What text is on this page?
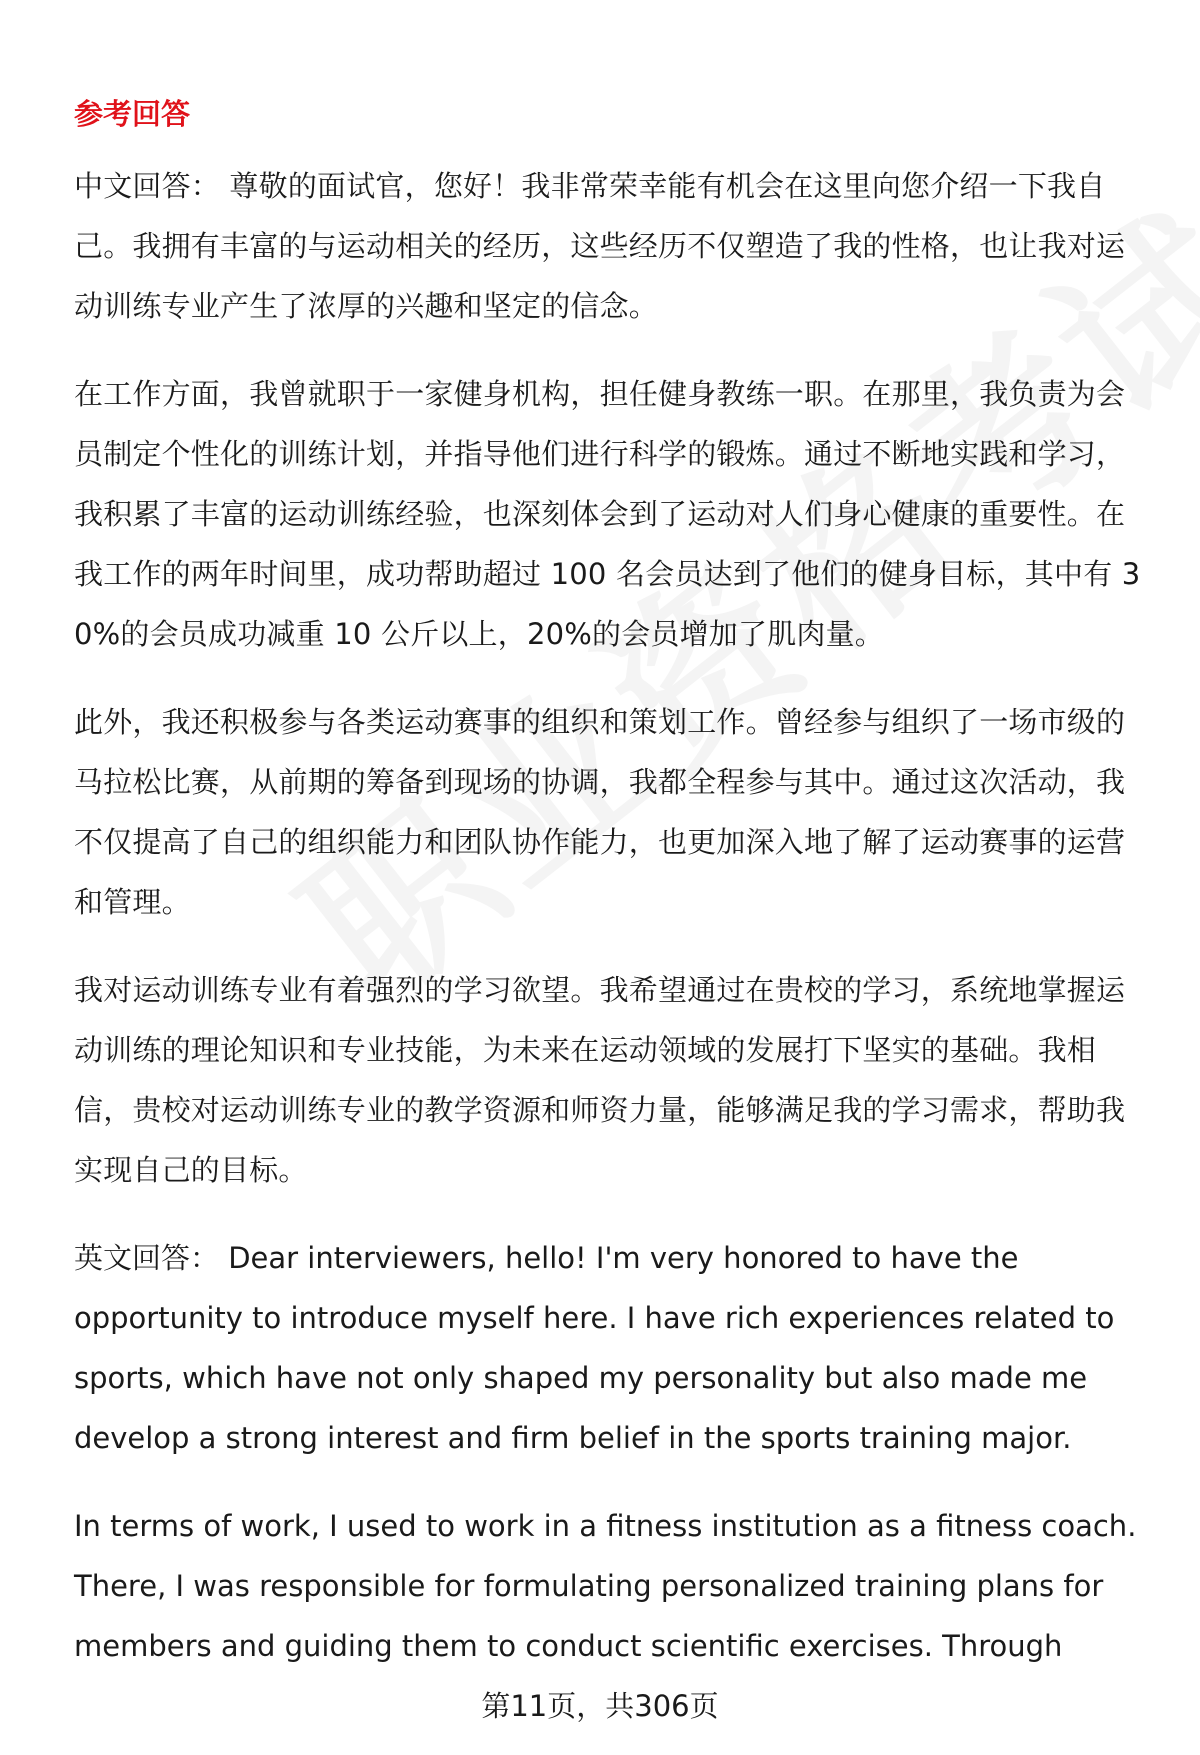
参考回答

中文回答： 尊敬的面试官，您好！我非常荣幸能有机会在这里向您介绍一下我自己。我拥有丰富的与运动相关的经历，这些经历不仅塑造了我的性格，也让我对运动训练专业产生了浓厚的兴趣和坚定的信念。

在工作方面，我曾就职于一家健身机构，担任健身教练一职。在那里，我负责为会员制定个性化的训练计划，并指导他们进行科学的锻炼。通过不断地实践和学习，我积累了丰富的运动训练经验，也深刻体会到了运动对人们身心健康的重要性。在我工作的两年时间里，成功帮助超过 100 名会员达到了他们的健身目标，其中有 30%的会员成功减重 10 公斤以上，20%的会员增加了肌肉量。

此外，我还积极参与各类运动赛事的组织和策划工作。曾经参与组织了一场市级的马拉松比赛，从前期的筹备到现场的协调，我都全程参与其中。通过这次活动，我不仅提高了自己的组织能力和团队协作能力，也更加深入地了解了运动赛事的运营和管理。

我对运动训练专业有着强烈的学习欲望。我希望通过在贵校的学习，系统地掌握运动训练的理论知识和专业技能，为未来在运动领域的发展打下坚实的基础。我相信，贵校对运动训练专业的教学资源和师资力量，能够满足我的学习需求，帮助我实现自己的目标。

英文回答： Dear interviewers, hello! I'm very honored to have the opportunity to introduce myself here. I have rich experiences related to sports, which have not only shaped my personality but also made me develop a strong interest and firm belief in the sports training major.

In terms of work, I used to work in a fitness institution as a fitness coach. There, I was responsible for formulating personalized training plans for members and guiding them to conduct scientific exercises. Through

第11页，共306页
